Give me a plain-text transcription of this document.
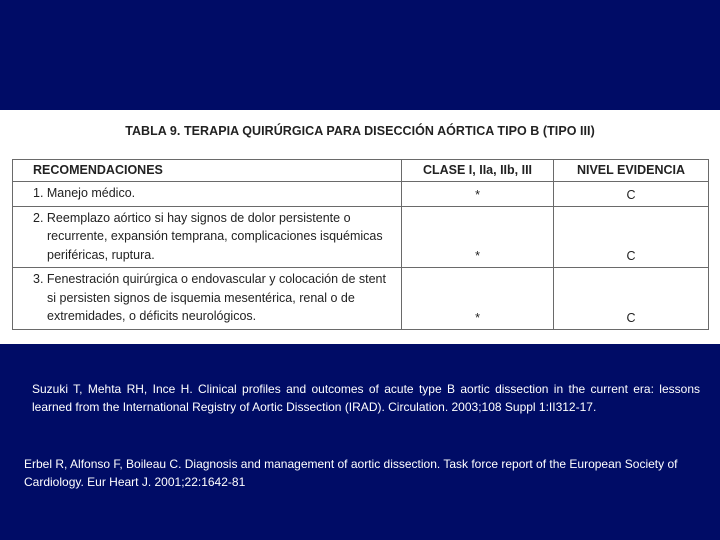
TABLA 9. TERAPIA QUIRÚRGICA PARA DISECCIÓN AÓRTICA TIPO B (TIPO III)
RECOMENDACIONES	CLASE I, IIa, IIb, III	NIVEL EVIDENCIA

1. Manejo médico.	*	C

2. Reemplazo aórtico si hay signos de dolor persistente o recurrente, expansión temprana, complicaciones isquémicas periféricas, ruptura.	*	C

3. Fenestración quirúrgica o endovascular y colocación de stent si persisten signos de isquemia mesentérica, renal o de extremidades, o déficits neurológicos.	*	C
Suzuki T, Mehta RH, Ince H. Clinical profiles and outcomes of acute type B aortic dissection in the current era: lessons learned from the International Registry of Aortic Dissection (IRAD). Circulation. 2003;108 Suppl 1:II312-17.
Erbel R, Alfonso F, Boileau C. Diagnosis and management of aortic dissection. Task force report of the European Society of Cardiology. Eur Heart J. 2001;22:1642-81
